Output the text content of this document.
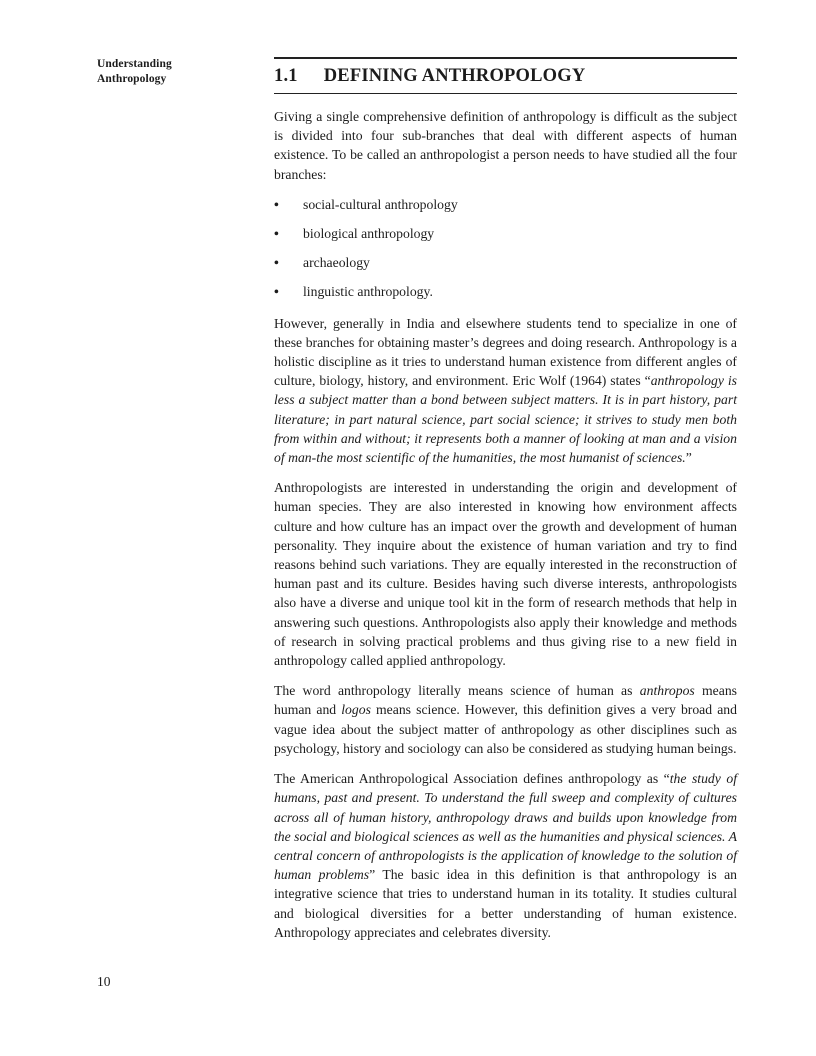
Understanding
Anthropology
10
1.1 DEFINING ANTHROPOLOGY

Giving a single comprehensive definition of anthropology is difficult as the subject is divided into four sub-branches that deal with different aspects of human existence. To be called an anthropologist a person needs to have studied all the four branches:

•	social-cultural anthropology
•	biological anthropology
•	archaeology
•	linguistic anthropology.

However, generally in India and elsewhere students tend to specialize in one of these branches for obtaining master’s degrees and doing research. Anthropology is a holistic discipline as it tries to understand human existence from different angles of culture, biology, history, and environment. Eric Wolf (1964) states “anthropology is less a subject matter than a bond between subject matters. It is in part history, part literature; in part natural science, part social science; it strives to study men both from within and without; it represents both a manner of looking at man and a vision of man-the most scientific of the humanities, the most humanist of sciences.”

Anthropologists are interested in understanding the origin and development of human species. They are also interested in knowing how environment affects culture and how culture has an impact over the growth and development of human personality. They inquire about the existence of human variation and try to find reasons behind such variations. They are equally interested in the reconstruction of human past and its culture. Besides having such diverse interests, anthropologists also have a diverse and unique tool kit in the form of research methods that help in answering such questions. Anthropologists also apply their knowledge and methods of research in solving practical problems and thus giving rise to a new field in anthropology called applied anthropology.

The word anthropology literally means science of human as anthropos means human and logos means science. However, this definition gives a very broad and vague idea about the subject matter of anthropology as other disciplines such as psychology, history and sociology can also be considered as studying human beings.

The American Anthropological Association defines anthropology as “the study of humans, past and present. To understand the full sweep and complexity of cultures across all of human history, anthropology draws and builds upon knowledge from the social and biological sciences as well as the humanities and physical sciences. A central concern of anthropologists is the application of knowledge to the solution of human problems” The basic idea in this definition is that anthropology is an integrative science that tries to understand human in its totality. It studies cultural and biological diversities for a better understanding of human existence. Anthropology appreciates and celebrates diversity.
